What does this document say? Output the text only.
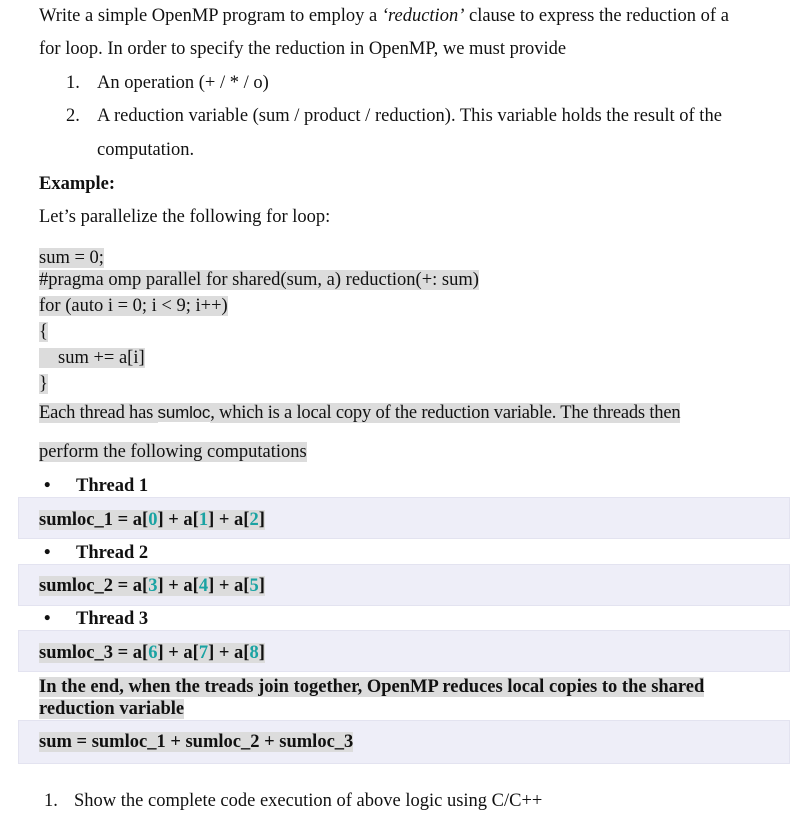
Write a simple OpenMP program to employ a ‘reduction’ clause to express the reduction of a
for loop. In order to specify the reduction in OpenMP, we must provide
1. An operation (+ / * / o)
2. A reduction variable (sum / product / reduction). This variable holds the result of the
computation.
Example:
Let’s parallelize the following for loop:
sum = 0;
#pragma omp parallel for shared(sum, a) reduction(+: sum)
for (auto i = 0; i < 9; i++)
{
sum += a[i]
}
Each thread has sumloc, which is a local copy of the reduction variable. The threads then
perform the following computations
• Thread 1
sumloc_1 = a[0] + a[1] + a[2]
• Thread 2
sumloc_2 = a[3] + a[4] + a[5]
• Thread 3
sumloc_3 = a[6] + a[7] + a[8]
In the end, when the treads join together, OpenMP reduces local copies to the shared
reduction variable
sum = sumloc_1 + sumloc_2 + sumloc_3
1. Show the complete code execution of above logic using C/C++
